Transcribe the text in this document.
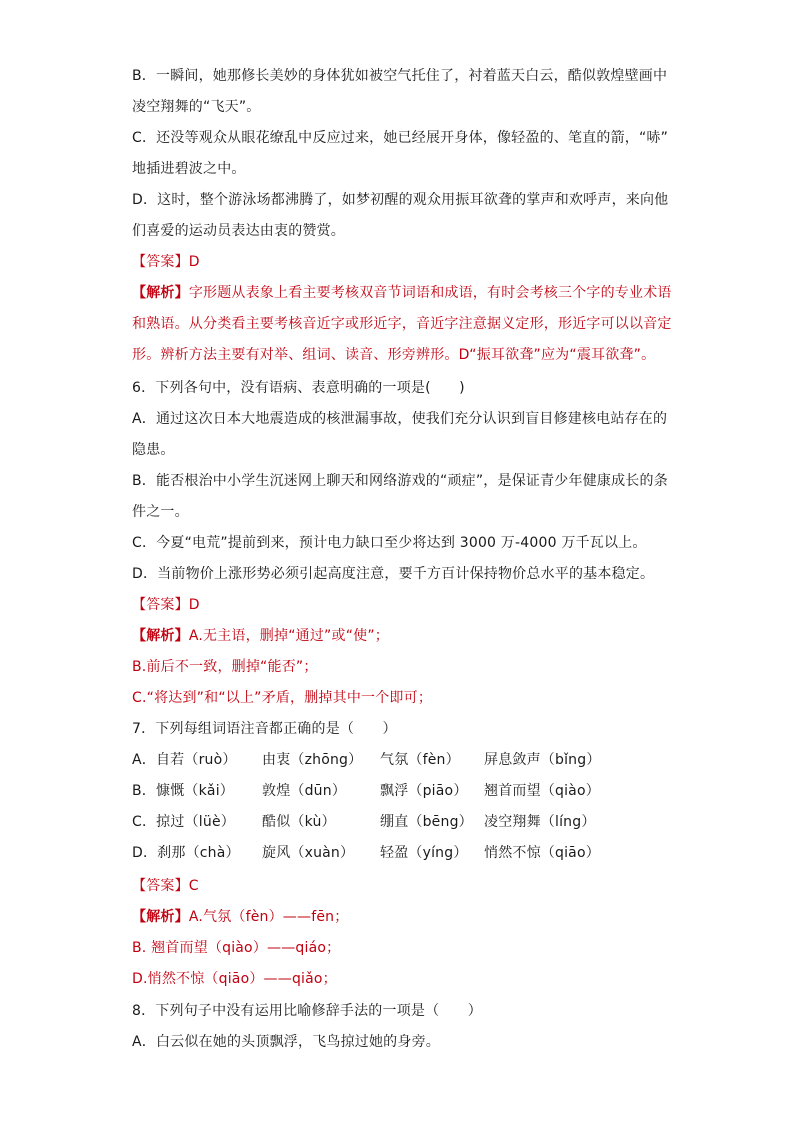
B．一瞬间，她那修长美妙的身体犹如被空气托住了，衬着蓝天白云，酷似敦煌壁画中
凌空翔舞的“飞天”。
C．还没等观众从眼花缭乱中反应过来，她已经展开身体，像轻盈的、笔直的箭，“哧”
地插进碧波之中。
D．这时，整个游泳场都沸腾了，如梦初醒的观众用振耳欲聋的掌声和欢呼声，来向他
们喜爱的运动员表达由衷的赞赏。
【答案】D
【解析】字形题从表象上看主要考核双音节词语和成语，有时会考核三个字的专业术语
和熟语。从分类看主要考核音近字或形近字，音近字注意据义定形，形近字可以以音定
形。辨析方法主要有对举、组词、读音、形旁辨形。D“振耳欲聋”应为“震耳欲聋”。
6．下列各句中，没有语病、表意明确的一项是(　　)
A．通过这次日本大地震造成的核泄漏事故，使我们充分认识到盲目修建核电站存在的
隐患。
B．能否根治中小学生沉迷网上聊天和网络游戏的“顽症”，是保证青少年健康成长的条
件之一。
C．今夏“电荒”提前到来，预计电力缺口至少将达到 3000 万-4000 万千瓦以上。
D．当前物价上涨形势必须引起高度注意，要千方百计保持物价总水平的基本稳定。
【答案】D
【解析】A.无主语，删掉“通过”或“使”；
B.前后不一致，删掉“能否”；
C.“将达到”和“以上”矛盾，删掉其中一个即可；
7．下列每组词语注音都正确的是（　　）
A．自若（ruò） 由衷（zhōng） 气氛（fèn） 屏息敛声（bǐng）
B．慷慨（kǎi） 敦煌（dūn） 飘浮（piāo） 翘首而望（qiào）
C．掠过（lüè） 酷似（kù）	绷直（bēng） 凌空翔舞（líng）
D．刹那（chà） 旋风（xuàn） 轻盈（yíng） 悄然不惊（qiāo）
【答案】C
【解析】A.气氛（fèn）——fēn；
B. 翘首而望（qiào）——qiáo；
D.悄然不惊（qiāo）——qiǎo；
8．下列句子中没有运用比喻修辞手法的一项是（　　）
A．白云似在她的头顶飘浮，飞鸟掠过她的身旁。
